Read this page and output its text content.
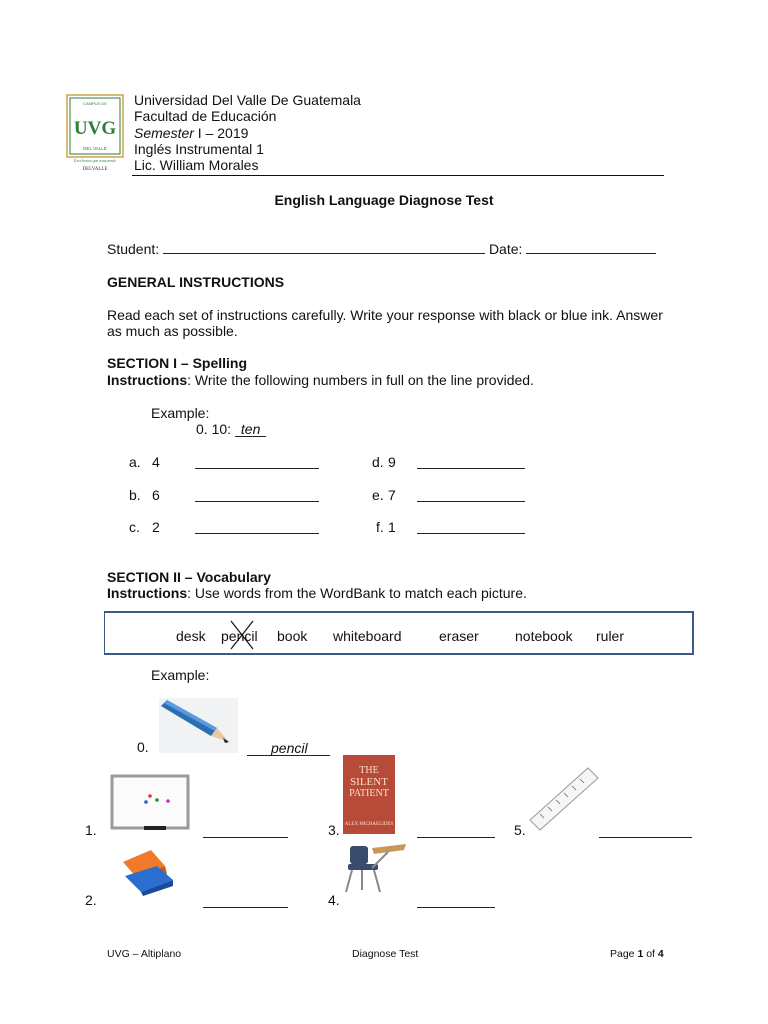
CAMPUS DE
UVG
DEL VALLE
Excelencia que trasciende
DELVALLE
Universidad Del Valle De Guatemala
Facultad de Educación
Semester I – 2019
Inglés Instrumental 1
Lic. William Morales
English Language Diagnose Test
Student:	Date:
GENERAL INSTRUCTIONS
Read each set of instructions carefully. Write your response with black or blue ink. Answer
as much as possible.
SECTION I – Spelling
Instructions: Write the following numbers in full on the line provided.
Example:
0. 10: ten
a. 4
b. 6
c. 2
d. 9
e. 7
f. 1
SECTION II – Vocabulary
Instructions: Use words from the WordBank to match each picture.
desk pencil book whiteboard	eraser	notebook ruler
Example:
0.	pencil
1.
2.
THE
SILENT
PATIENT
ALEX MICHAELIDES
3.
4.
5.
UVG – Altiplano	Diagnose Test	Page 1 of 4
